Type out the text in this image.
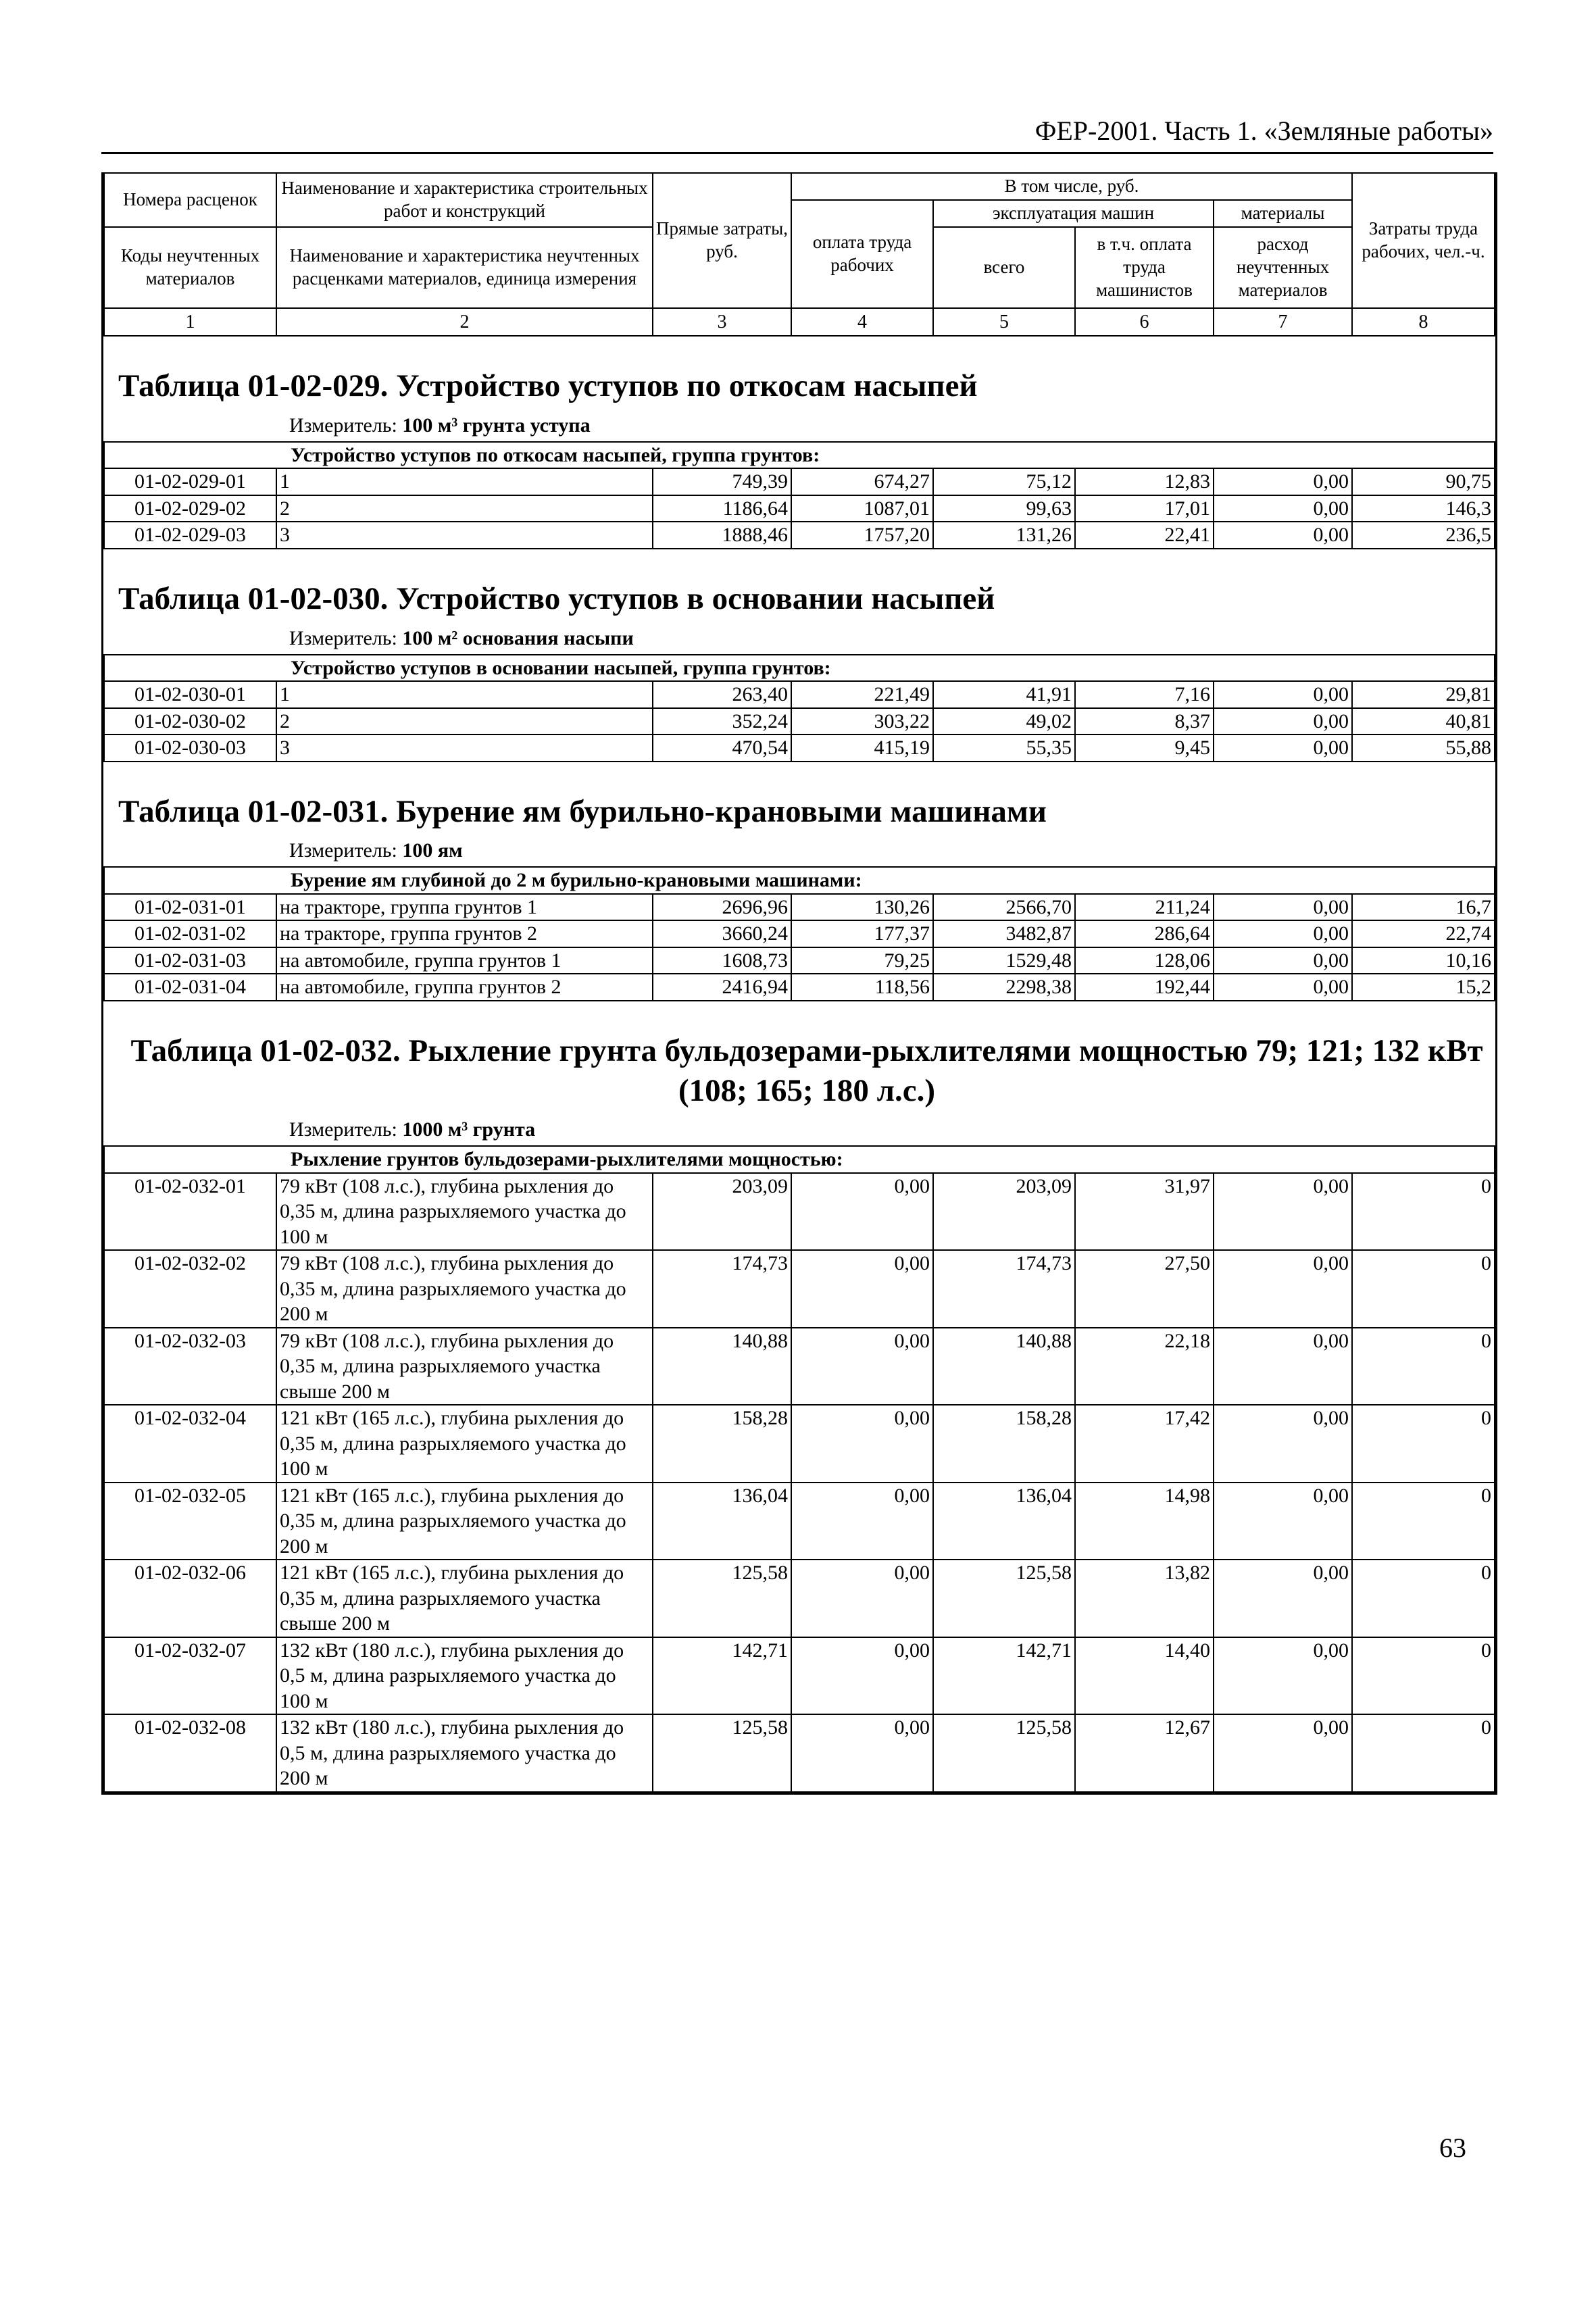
ФЕР-2001. Часть 1. «Земляные работы»
Номера расценок	Наименование и характеристика строительных работ и конструкций	Прямые затраты, руб.	В том числе, руб.				Затраты труда рабочих, чел.-ч.
			оплата труда рабочих	эксплуатация машин		материалы	
Коды неучтенных материалов	Наименование и характеристика неучтенных расценками материалов, единица измерения			всего	в т.ч. оплата труда машинистов	расход неучтенных материалов	

1	2	3	4	5	6	7	8
Таблица 01-02-029. Устройство уступов по откосам насыпей
Измеритель: 100 м³ грунта уступа
Устройство уступов по откосам насыпей, группа грунтов:							
01-02-029-01	1	749,39	674,27	75,12	12,83	0,00	90,75
01-02-029-02	2	1186,64	1087,01	99,63	17,01	0,00	146,3
01-02-029-03	3	1888,46	1757,20	131,26	22,41	0,00	236,5
Таблица 01-02-030. Устройство уступов в основании насыпей
Измеритель: 100 м² основания насыпи
Устройство уступов в основании насыпей, группа грунтов:							
01-02-030-01	1	263,40	221,49	41,91	7,16	0,00	29,81
01-02-030-02	2	352,24	303,22	49,02	8,37	0,00	40,81
01-02-030-03	3	470,54	415,19	55,35	9,45	0,00	55,88
Таблица 01-02-031. Бурение ям бурильно-крановыми машинами
Измеритель: 100 ям
Бурение ям глубиной до 2 м бурильно-крановыми машинами:							
01-02-031-01	на тракторе, группа грунтов 1	2696,96	130,26	2566,70	211,24	0,00	16,7
01-02-031-02	на тракторе, группа грунтов 2	3660,24	177,37	3482,87	286,64	0,00	22,74
01-02-031-03	на автомобиле, группа грунтов 1	1608,73	79,25	1529,48	128,06	0,00	10,16
01-02-031-04	на автомобиле, группа грунтов 2	2416,94	118,56	2298,38	192,44	0,00	15,2
Таблица 01-02-032. Рыхление грунта бульдозерами-рыхлителями мощностью 79; 121; 132 кВт (108; 165; 180 л.с.)
Измеритель: 1000 м³ грунта
Рыхление грунтов бульдозерами-рыхлителями мощностью:							
01-02-032-01	79 кВт (108 л.с.), глубина рыхления до 0,35 м, длина разрыхляемого участка до 100 м	203,09	0,00	203,09	31,97	0,00	0
01-02-032-02	79 кВт (108 л.с.), глубина рыхления до 0,35 м, длина разрыхляемого участка до 200 м	174,73	0,00	174,73	27,50	0,00	0
01-02-032-03	79 кВт (108 л.с.), глубина рыхления до 0,35 м, длина разрыхляемого участка свыше 200 м	140,88	0,00	140,88	22,18	0,00	0
01-02-032-04	121 кВт (165 л.с.), глубина рыхления до 0,35 м, длина разрыхляемого участка до 100 м	158,28	0,00	158,28	17,42	0,00	0
01-02-032-05	121 кВт (165 л.с.), глубина рыхления до 0,35 м, длина разрыхляемого участка до 200 м	136,04	0,00	136,04	14,98	0,00	0
01-02-032-06	121 кВт (165 л.с.), глубина рыхления до 0,35 м, длина разрыхляемого участка свыше 200 м	125,58	0,00	125,58	13,82	0,00	0
01-02-032-07	132 кВт (180 л.с.), глубина рыхления до 0,5 м, длина разрыхляемого участка до 100 м	142,71	0,00	142,71	14,40	0,00	0
01-02-032-08	132 кВт (180 л.с.), глубина рыхления до 0,5 м, длина разрыхляемого участка до 200 м	125,58	0,00	125,58	12,67	0,00	0
63
